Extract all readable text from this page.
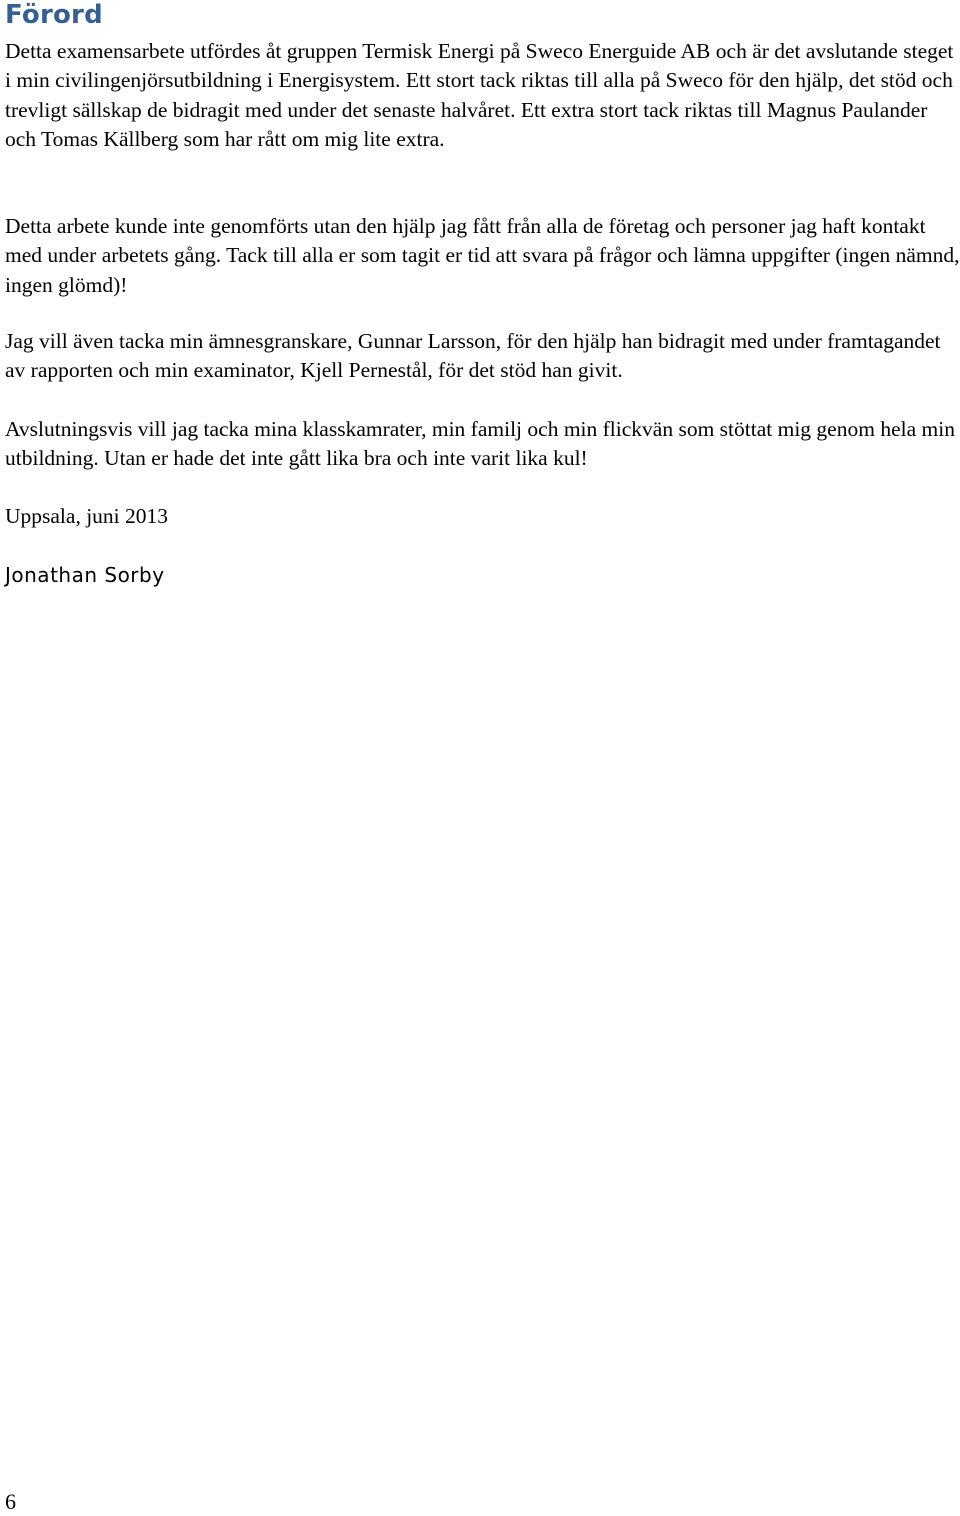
Förord

Detta examensarbete utfördes åt gruppen Termisk Energi på Sweco Energuide AB och är det avslutande steget i min civilingenjörsutbildning i Energisystem. Ett stort tack riktas till alla på Sweco för den hjälp, det stöd och trevligt sällskap de bidragit med under det senaste halvåret. Ett extra stort tack riktas till Magnus Paulander och Tomas Källberg som har rått om mig lite extra.

Detta arbete kunde inte genomförts utan den hjälp jag fått från alla de företag och personer jag haft kontakt med under arbetets gång. Tack till alla er som tagit er tid att svara på frågor och lämna uppgifter (ingen nämnd, ingen glömd)!

Jag vill även tacka min ämnesgranskare, Gunnar Larsson, för den hjälp han bidragit med under framtagandet av rapporten och min examinator, Kjell Pernestål, för det stöd han givit.

Avslutningsvis vill jag tacka mina klasskamrater, min familj och min flickvän som stöttat mig genom hela min utbildning. Utan er hade det inte gått lika bra och inte varit lika kul!

Uppsala, juni 2013

Jonathan Sorby

6
